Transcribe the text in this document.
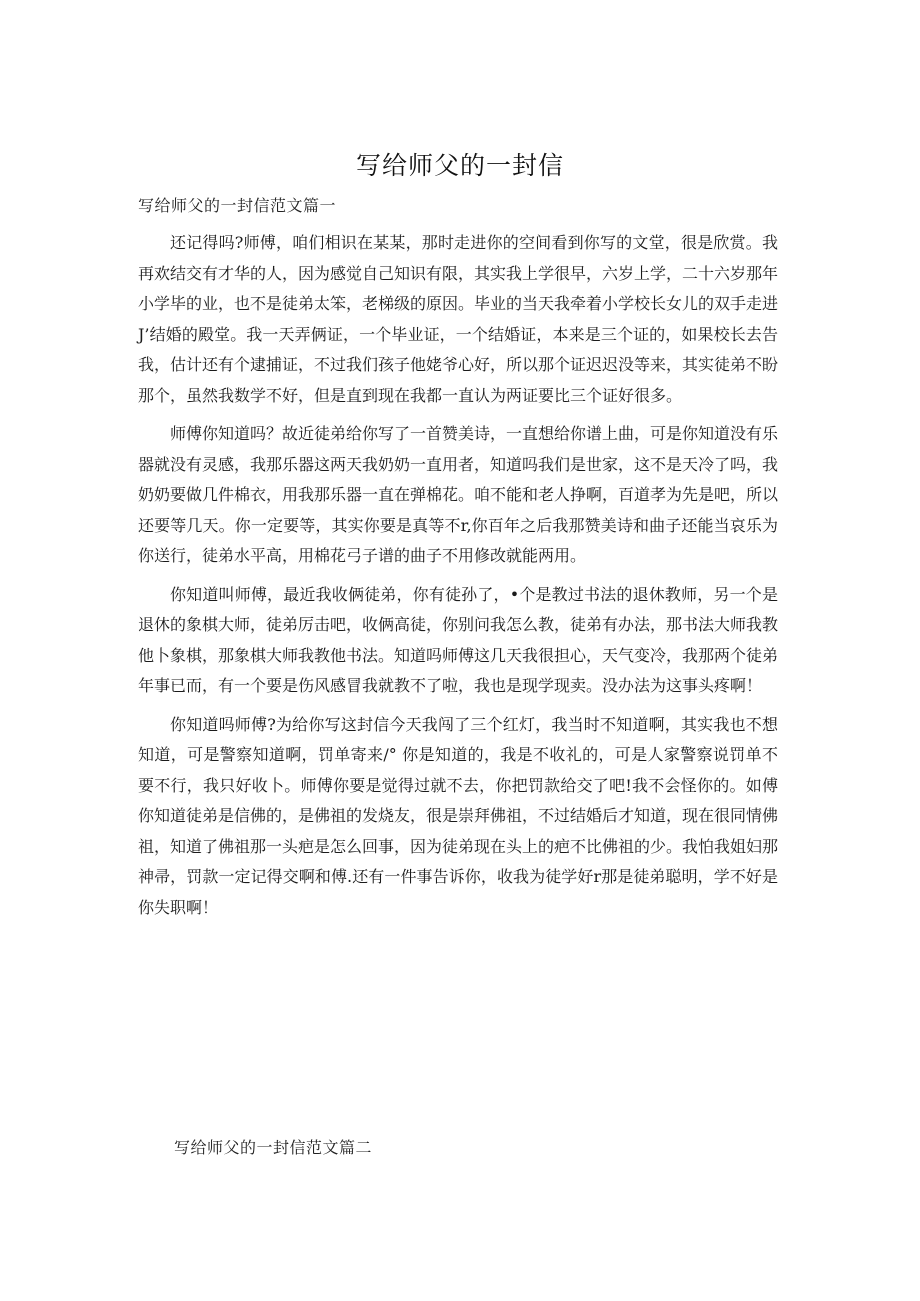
写给师父的一封信
写给师父的一封信范文篇一

还记得吗?师傅，咱们相识在某某，那时走进你的空间看到你写的文堂，很是欣赏。我再欢结交有才华的人，因为感觉自己知识有限，其实我上学很早，六岁上学，二十六岁那年小学毕的业，也不是徒弟太笨，老梯级的原因。毕业的当天我牵着小学校长女儿的双手走进J’结婚的殿堂。我一天弄俩证，一个毕业证，一个结婚证，本来是三个证的，如果校长去告我，估计还有个逮捕证，不过我们孩子他姥爷心好，所以那个证迟迟没等来，其实徒弟不盼那个，虽然我数学不好，但是直到现在我都一直认为两证要比三个证好很多。

师傅你知道吗？故近徒弟给你写了一首赞美诗，一直想给你谱上曲，可是你知道没有乐器就没有灵感，我那乐器这两天我奶奶一直用者，知道吗我们是世家，这不是天冷了吗，我奶奶要做几件棉衣，用我那乐器一直在弹棉花。咱不能和老人挣啊，百道孝为先是吧，所以还要等几天。你一定要等，其实你要是真等不r,你百年之后我那赞美诗和曲子还能当哀乐为你送行，徒弟水平高，用棉花弓子谱的曲子不用修改就能两用。

你知道叫师傅，最近我收俩徒弟，你有徒孙了，•个是教过书法的退休教师，另一个是退休的象棋大师，徒弟厉击吧，收俩高徒，你别问我怎么教，徒弟有办法，那书法大师我教他卜象棋，那象棋大师我教他书法。知道吗师傅这几天我很担心，天气变冷，我那两个徒弟年事已而，有一个要是伤风感冒我就教不了啦，我也是现学现卖。没办法为这事头疼啊！

你知道吗师傅?为给你写这封信今天我闯了三个红灯，我当时不知道啊，其实我也不想知道，可是警察知道啊，罚单寄来/° 你是知道的，我是不收礼的，可是人家警察说罚单不要不行，我只好收卜。师傅你要是觉得过就不去，你把罚款给交了吧!我不会怪你的。如傅你知道徒弟是信佛的，是佛祖的发烧友，很是崇拜佛祖，不过结婚后才知道，现在很同情佛祖，知道了佛祖那一头疤是怎么回事，因为徒弟现在头上的疤不比佛祖的少。我怕我姐妇那神帚，罚款一定记得交啊和傅.还有一件事告诉你，收我为徒学好r那是徒弟聪明，学不好是你失职啊！

写给师父的一封信范文篇二
